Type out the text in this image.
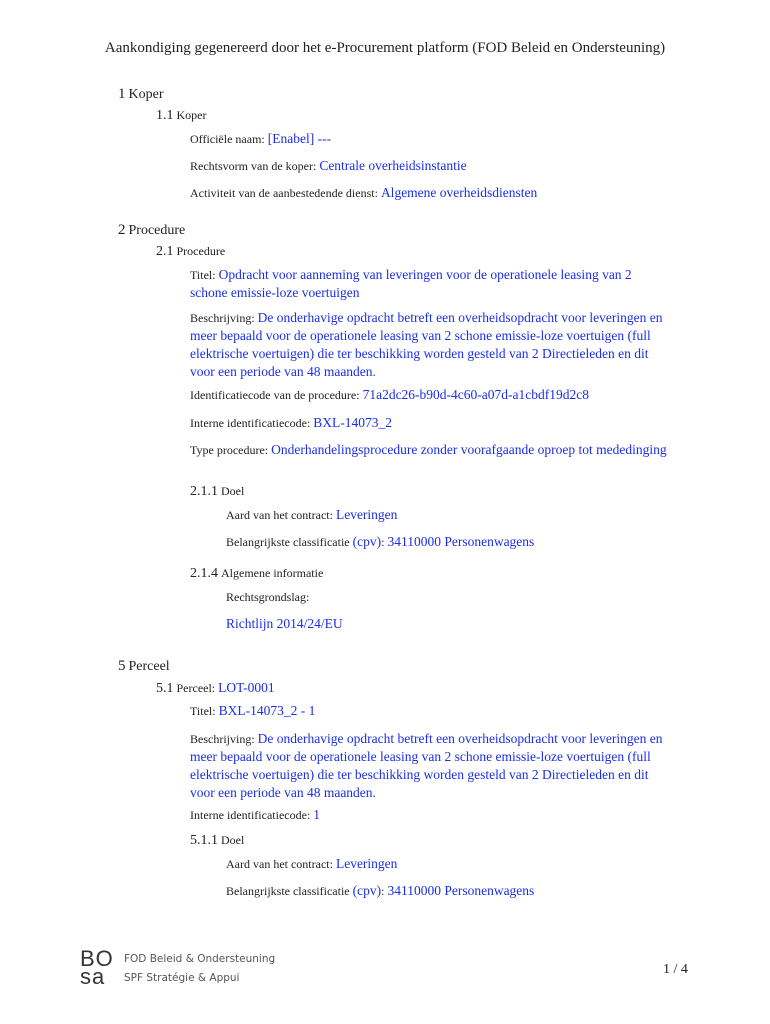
Aankondiging gegenereerd door het e-Procurement platform (FOD Beleid en Ondersteuning)
1 Koper
1.1 Koper
Officiële naam: [Enabel] ---
Rechtsvorm van de koper: Centrale overheidsinstantie
Activiteit van de aanbestedende dienst: Algemene overheidsdiensten
2 Procedure
2.1 Procedure
Titel: Opdracht voor aanneming van leveringen voor de operationele leasing van 2 schone emissie-loze voertuigen
Beschrijving: De onderhavige opdracht betreft een overheidsopdracht voor leveringen en meer bepaald voor de operationele leasing van 2 schone emissie-loze voertuigen (full elektrische voertuigen) die ter beschikking worden gesteld van 2 Directieleden en dit voor een periode van 48 maanden.
Identificatiecode van de procedure: 71a2dc26-b90d-4c60-a07d-a1cbdf19d2c8
Interne identificatiecode: BXL-14073_2
Type procedure: Onderhandelingsprocedure zonder voorafgaande oproep tot mededinging
2.1.1 Doel
Aard van het contract: Leveringen
Belangrijkste classificatie (cpv): 34110000 Personenwagens
2.1.4 Algemene informatie
Rechtsgrondslag:
Richtlijn 2014/24/EU
5 Perceel
5.1 Perceel: LOT-0001
Titel: BXL-14073_2 - 1
Beschrijving: De onderhavige opdracht betreft een overheidsopdracht voor leveringen en meer bepaald voor de operationele leasing van 2 schone emissie-loze voertuigen (full elektrische voertuigen) die ter beschikking worden gesteld van 2 Directieleden en dit voor een periode van 48 maanden.
Interne identificatiecode: 1
5.1.1 Doel
Aard van het contract: Leveringen
Belangrijkste classificatie (cpv): 34110000 Personenwagens
BO
sa
FOD Beleid & Ondersteuning
SPF Stratégie & Appui
1 / 4
